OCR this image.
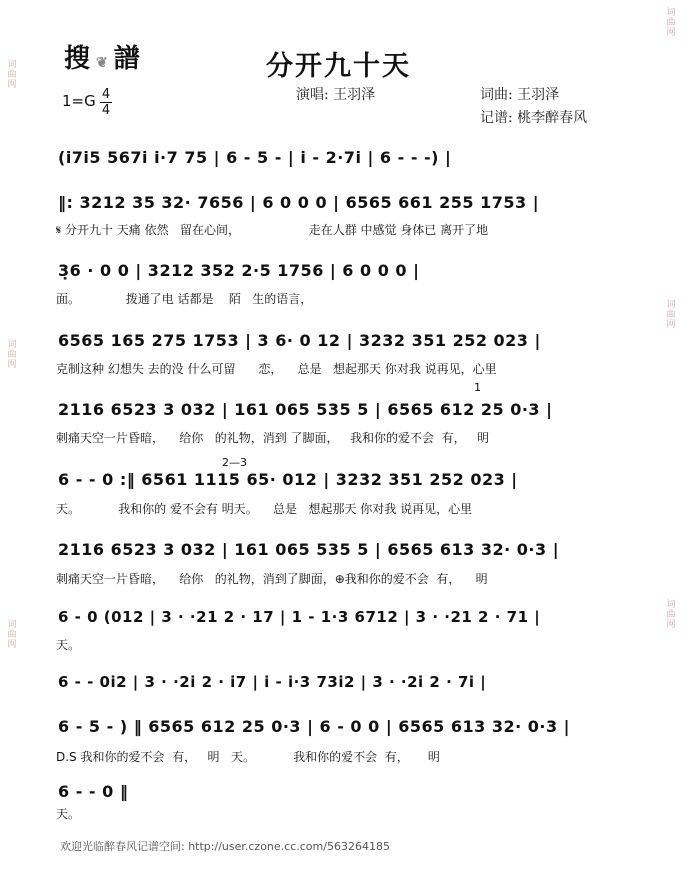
词
曲
网
词
曲
网
词
曲
网
词
曲
网
词
曲
网
词
曲
网
搜 ❦ 譜	分开九十天
演唱: 王羽泽	词曲: 王羽泽
记谱: 桃李醉春风
1=G 4
4
(i7i5 567i i·7 75 | 6 - 5 - | i - 2·7i | 6 - - -) |
‖: 3212 35 32· 7656 | 6 0 0 0 | 6565 661 255 1753 |
𝄋 分开九十 天痛 依然   留在心间，                  走在人群 中感觉 身体已 离开了地
3̣6 · 0 0 | 3212 352 2·5 1756 | 6 0 0 0 |
面。            拨通了电 话都是    陌   生的语言，
6565 165 275 1753 | 3 6· 0 12 | 3232 351 252 023 |
克制这种 幻想失 去的没 什么可留      恋，    总是   想起那天 你对我 说再见，心里
1
2116 6523 3 032 | 161 065 535 5 | 6565 612 25 0·3 |
刺痛天空一片昏暗，    给你   的礼物，消到 了脚面，   我和你的爱不会  有，   明
2—3
6 - - 0 :‖ 6561 1115 65· 012 | 3232 351 252 023 |
天。          我和你的 爱不会有 明天。    总是   想起那天 你对我 说再见，心里
2116 6523 3 032 | 161 065 535 5 | 6565 613 32· 0·3 |
刺痛天空一片昏暗，    给你   的礼物，消到了脚面，⊕我和你的爱不会  有，    明
6 - 0 (012 | 3 · ·21 2 · 17 | 1 - 1·3 6712 | 3 · ·21 2 · 71 |
天。
6 - - 0i2 | 3 · ·2i 2 · i7 | i - i·3 73i2 | 3 · ·2i 2 · 7i |
6 - 5 - ) ‖ 6565 612 25 0·3 | 6 - 0 0 | 6565 613 32· 0·3 |
D.S 我和你的爱不会  有，   明   天。          我和你的爱不会  有，     明
6 - - 0 ‖
天。
欢迎光临醉春风记谱空间: http://user.czone.cc.com/563264185
